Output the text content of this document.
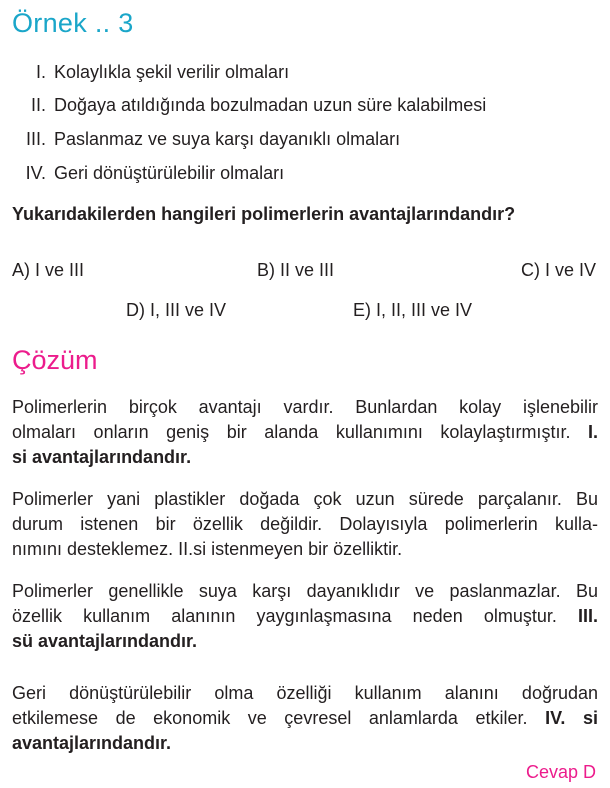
Örnek .. 3
I. Kolaylıkla şekil verilir olmaları
II. Doğaya atıldığında bozulmadan uzun süre kalabilmesi
III. Paslanmaz ve suya karşı dayanıklı olmaları
IV. Geri dönüştürülebilir olmaları
Yukarıdakilerden hangileri polimerlerin avantajlarındandır?
A) I ve III	B) II ve III	C) I ve IV
D) I, III ve IV	E) I, II, III ve IV
Çözüm
Polimerlerin birçok avantajı vardır. Bunlardan kolay işlenebilir
olmaları onların geniş bir alanda kullanımını kolaylaştırmıştır. I.
si avantajlarındandır.
Polimerler yani plastikler doğada çok uzun sürede parçalanır. Bu
durum istenen bir özellik değildir. Dolayısıyla polimerlerin kulla-
nımını desteklemez. II.si istenmeyen bir özelliktir.
Polimerler genellikle suya karşı dayanıklıdır ve paslanmazlar. Bu
özellik kullanım alanının yaygınlaşmasına neden olmuştur. III.
sü avantajlarındandır.
Geri dönüştürülebilir olma özelliği kullanım alanını doğrudan
etkilemese de ekonomik ve çevresel anlamlarda etkiler. IV. si
avantajlarındandır.
Cevap D
